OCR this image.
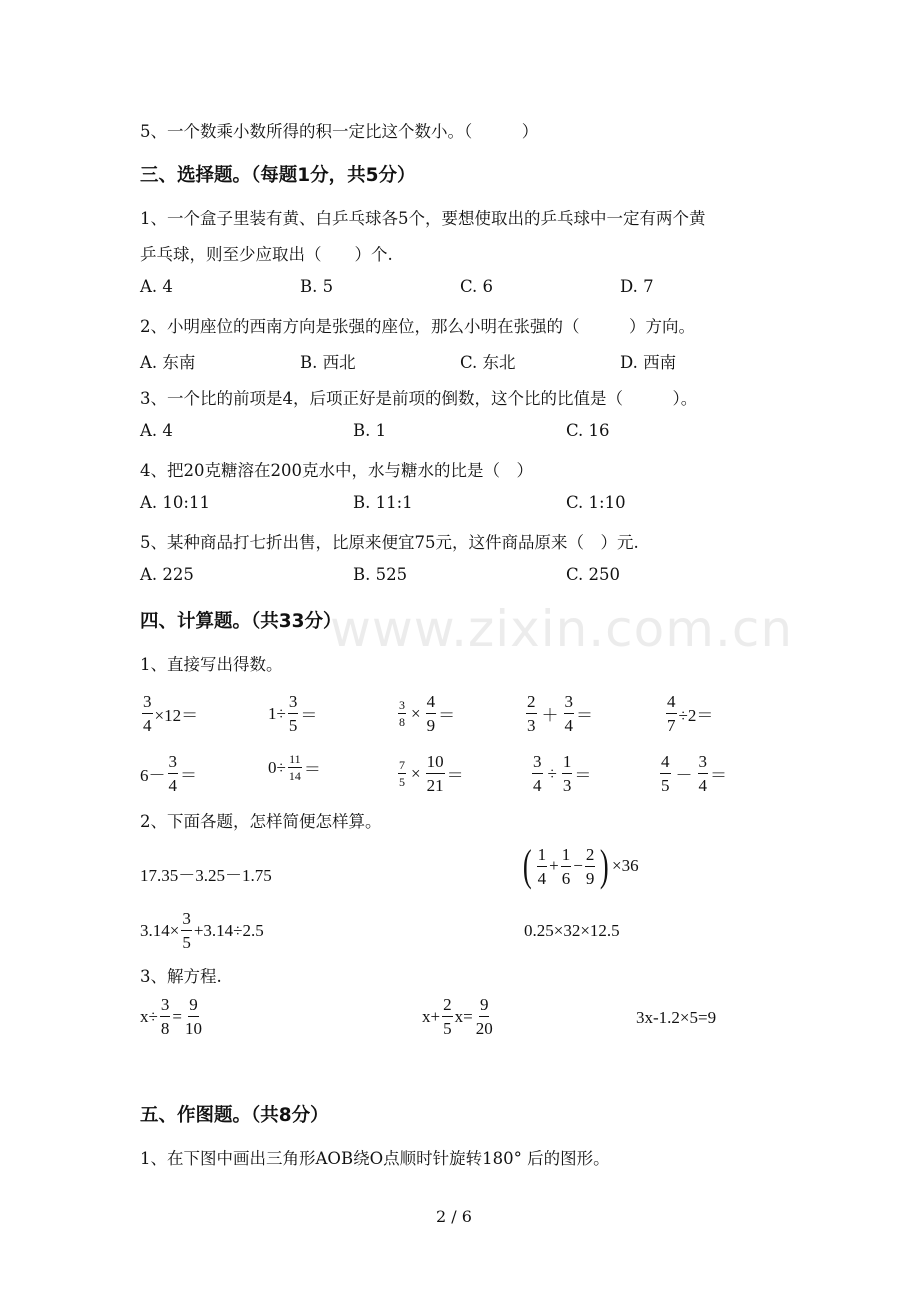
www.zixin.com.cn
5、一个数乘小数所得的积一定比这个数小。（　　　）
三、选择题。（每题1分，共5分）
1、一个盒子里装有黄、白乒乓球各5个，要想使取出的乒乓球中一定有两个黄
乒乓球，则至少应取出（　　）个.
A. 4	B. 5	C. 6	D. 7
2、小明座位的西南方向是张强的座位，那么小明在张强的（　　　）方向。
A. 东南	B. 西北	C. 东北	D. 西南
3、一个比的前项是4，后项正好是前项的倒数，这个比的比值是（　　　）。
A. 4	B. 1	C. 16
4、把20克糖溶在200克水中，水与糖水的比是（　）
A. 10:11	B. 11:1	C. 1:10
5、某种商品打七折出售，比原来便宜75元，这件商品原来（　）元.
A. 225	B. 525	C. 250
四、计算题。（共33分）
1、直接写出得数。
$\frac{3}{4} \times 12=$	$1\div \frac{3}{5}$ ＝	$\frac{3}{8} \times \frac{4}{9}$ ＝	$\frac{2}{3} + \frac{3}{4}$ ＝	$\frac{4}{7} \div 2=$
$6- \frac{3}{4}$ ＝	$0\div \frac{11}{14}$ ＝	$\frac{7}{5} \times \frac{10}{21}$ ＝	$\frac{3}{4} \div \frac{1}{3}$ ＝	$\frac{4}{5} - \frac{3}{4}$ ＝
2、下面各题，怎样简便怎样算。
17.35－3.25－1.75	( $\frac{1}{4} + \frac{1}{6} - \frac{2}{9}$ ) ×36
$3.14\times \frac{3}{5} +3.14\div 2.5$	0.25×32×12.5
3、解方程.
$x\div \frac{3}{8} = \frac{9}{10}$	$x+ \frac{2}{5} x= \frac{9}{20}$	3x-1.2×5=9
五、作图题。（共8分）
1、在下图中画出三角形AOB绕O点顺时针旋转180° 后的图形。
2 / 6
